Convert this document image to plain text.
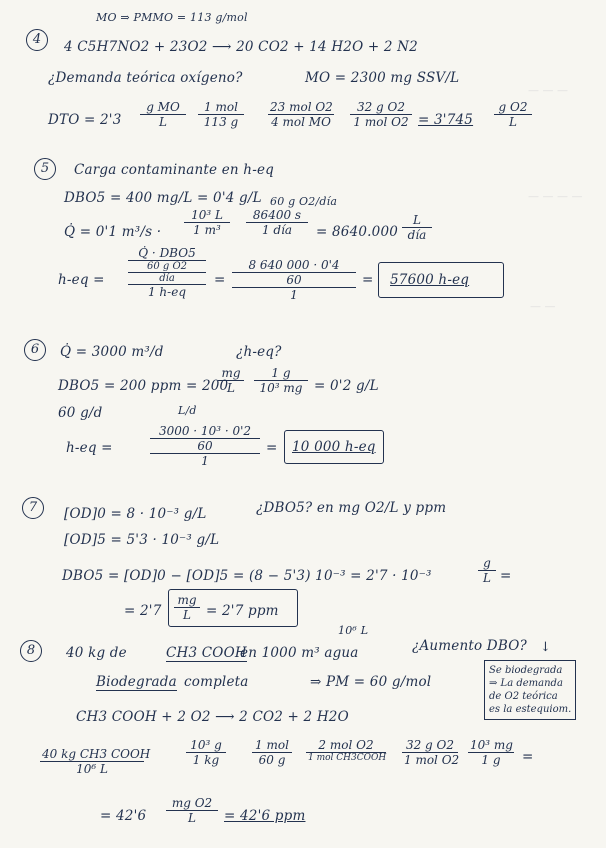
— — —
— — — —
— —
4
MO ⇒ PMMO = 113 g/mol
4 C5H7NO2 + 23O2 ⟶ 20 CO2 + 14 H2O + 2 N2
¿Demanda teórica oxígeno?	MO = 2300 mg SSV/L
DTO = $2'3 \frac{\text{g MO}}{L}$	1 mol
113 g
23 mol O2
4 mol MO
32 g O2
1 mol $O2 = 3'745 \frac{\text{g O2}}{L}$
5	Carga contaminante en h-eq
DBO5 = 400 mg/L = 0'4 g/L 60 g O2/día
Q̇ = 0'1 $m^3/s \cdot \frac{\text{10³ L}}{\text{1 m³}}$	86400 s
1 día	= 8640.000
L
día
h-eq =
Q̇ · DBO5
60 g O2
día
1 h-eq
=
8 640 000 · 0'4
60
1
= 57600 h-eq
6	Q̇ = 3000 m³/d	¿h-eq?
DBO5 = 200 ppm = 200
$\frac{mg}{L} \frac{1 g}{\text{10³ mg}} = 0'2$ g/L
60 g/d	L/d
h-eq =
3000 · 10³ · 0'2
60
1
= 10 000 h-eq
7	[OD]0 = 8 · 10⁻³ g/L	¿DBO5? en mg O2/L y ppm
[OD]5 = 5'3 · 10⁻³ g/L
DBO5 = [OD]0 − [OD]5 = (8 − 5'3) 10⁻³ = 2'7 · 10⁻³	$\frac{g}{L}$ =
= $2'7 \frac{mg}{L} = 2'7$ ppm
8	40 kg de	CH3 COOH
en 1000 m³ agua
10⁶ L
¿Aumento DBO?
Biodegrada completa	⇒ PM = 60 g/mol
Se biodegrada
⇒ La demanda
de O2 teórica
es la estequiom.
CH3 COOH + 2 O2 ⟶ 2 CO2 + 2 H2O
40 kg CH3 COOH
10⁶ L
$\frac{\text{10³ g}}{1 kg} 1$ mol
60 g
2 mol O2
1 mol CH3COOH
32 g O2
1 mol $O2 \frac{\text{10³ mg}}{1 g}$ =
= $42'6 \frac{\text{mg O2}}{L} = 42'6$ ppm
↓
